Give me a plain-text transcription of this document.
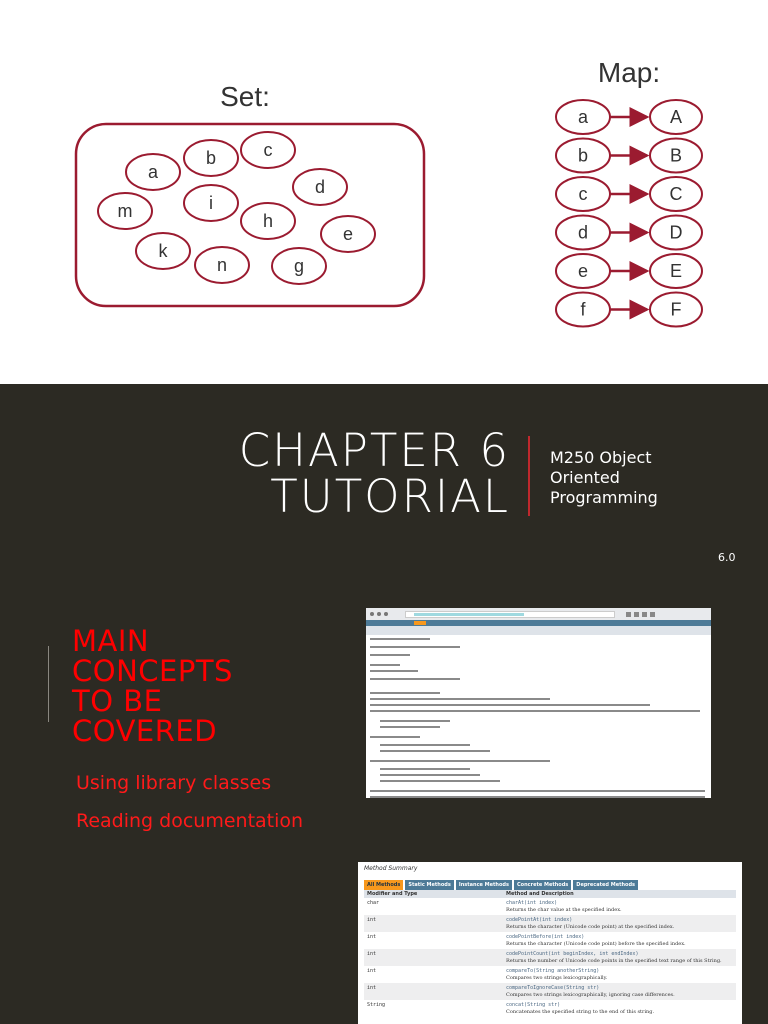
Set:
a
b	c
d
m	i
h
e
k
n	g
Map:
a	A
b	B
c	C
d	D
e	E
f	F
CHAPTER 6
TUTORIAL
M250 Object
Oriented
Programming
6.0
MAIN
CONCEPTS
TO BE
COVERED
Using library classes
Reading documentation
Method Summary
All Methods	Static Methods	Instance Methods	Concrete Methods	Deprecated Methods
Modifier and Type	Method and Description
char	charAt(int index)
Returns the char value at the specified index.
int	codePointAt(int index)
Returns the character (Unicode code point) at the specified index.
int	codePointBefore(int index)
Returns the character (Unicode code point) before the specified index.
int	codePointCount(int beginIndex, int endIndex)
Returns the number of Unicode code points in the specified text range of this String.
int	compareTo(String anotherString)
Compares two strings lexicographically.
int	compareToIgnoreCase(String str)
Compares two strings lexicographically, ignoring case differences.
String	concat(String str)
Concatenates the specified string to the end of this string.
